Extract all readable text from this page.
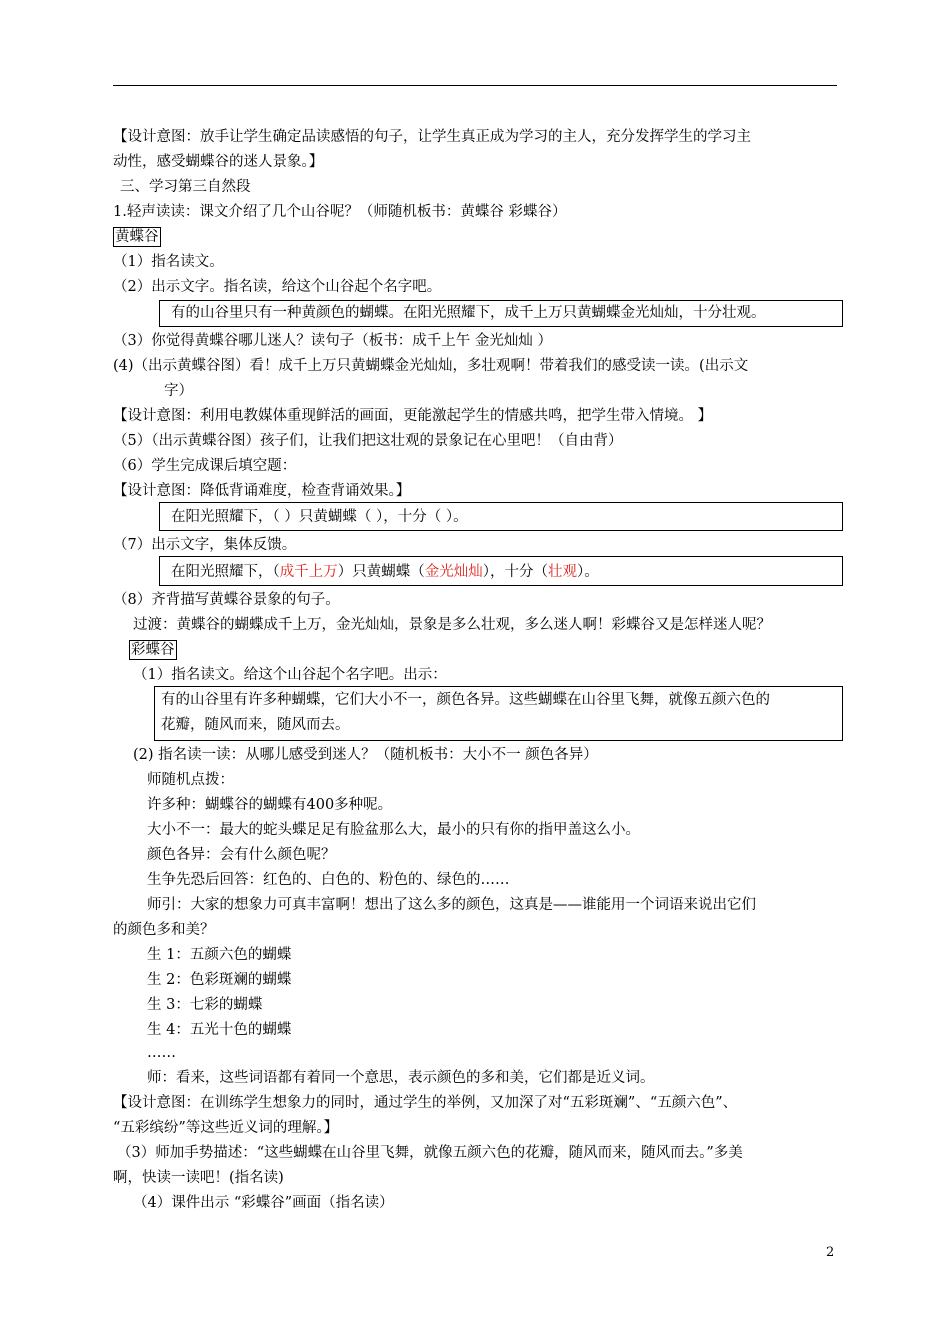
【设计意图：放手让学生确定品读感悟的句子，让学生真正成为学习的主人，充分发挥学生的学习主
动性，感受蝴蝶谷的迷人景象。】
三、学习第三自然段
1.轻声读读：课文介绍了几个山谷呢？（师随机板书：黄蝶谷 彩蝶谷）
黄蝶谷
（1）指名读文。
（2）出示文字。指名读，给这个山谷起个名字吧。
有的山谷里只有一种黄颜色的蝴蝶。在阳光照耀下，成千上万只黄蝴蝶金光灿灿，十分壮观。
（3）你觉得黄蝶谷哪儿迷人？读句子（板书：成千上午 金光灿灿 ）
(4)（出示黄蝶谷图）看！成千上万只黄蝴蝶金光灿灿，多壮观啊！带着我们的感受读一读。(出示文
字）
【设计意图：利用电教媒体重现鲜活的画面，更能激起学生的情感共鸣，把学生带入情境。 】
（5）（出示黄蝶谷图）孩子们，让我们把这壮观的景象记在心里吧！（自由背）
（6）学生完成课后填空题：
【设计意图：降低背诵难度，检查背诵效果。】
在阳光照耀下，（ ）只黄蝴蝶（ ），十分（ ）。
（7）出示文字，集体反馈。
在阳光照耀下，（成千上万）只黄蝴蝶（金光灿灿），十分（壮观）。
（8）齐背描写黄蝶谷景象的句子。
过渡：黄蝶谷的蝴蝶成千上万，金光灿灿，景象是多么壮观，多么迷人啊！彩蝶谷又是怎样迷人呢？
彩蝶谷
（1）指名读文。给这个山谷起个名字吧。出示：
有的山谷里有许多种蝴蝶，它们大小不一，颜色各异。这些蝴蝶在山谷里飞舞，就像五颜六色的
花瓣，随风而来，随风而去。
(2) 指名读一读：从哪儿感受到迷人？（随机板书：大小不一 颜色各异）
师随机点拨：
许多种：蝴蝶谷的蝴蝶有400多种呢。
大小不一：最大的蛇头蝶足足有脸盆那么大，最小的只有你的指甲盖这么小。
颜色各异：会有什么颜色呢？
生争先恐后回答：红色的、白色的、粉色的、绿色的……
师引：大家的想象力可真丰富啊！想出了这么多的颜色，这真是——谁能用一个词语来说出它们
的颜色多和美？
生 1：五颜六色的蝴蝶
生 2：色彩斑斓的蝴蝶
生 3：七彩的蝴蝶
生 4：五光十色的蝴蝶
……
师：看来，这些词语都有着同一个意思，表示颜色的多和美，它们都是近义词。
【设计意图：在训练学生想象力的同时，通过学生的举例，又加深了对“五彩斑斓”、“五颜六色”、
“五彩缤纷”等这些近义词的理解。】
（3）师加手势描述：“这些蝴蝶在山谷里飞舞，就像五颜六色的花瓣，随风而来，随风而去。”多美
啊，快读一读吧！(指名读)
（4）课件出示 “彩蝶谷”画面（指名读）
2
